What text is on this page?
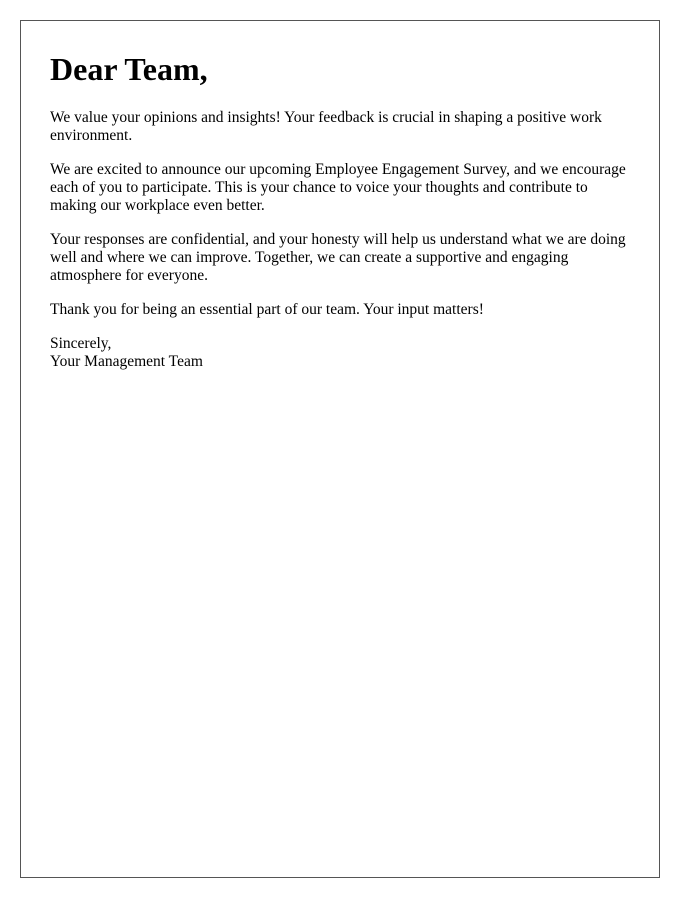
Dear Team,

We value your opinions and insights! Your feedback is crucial in shaping a positive work environment.

We are excited to announce our upcoming Employee Engagement Survey, and we encourage each of you to participate. This is your chance to voice your thoughts and contribute to making our workplace even better.

Your responses are confidential, and your honesty will help us understand what we are doing well and where we can improve. Together, we can create a supportive and engaging atmosphere for everyone.

Thank you for being an essential part of our team. Your input matters!

Sincerely,
Your Management Team
